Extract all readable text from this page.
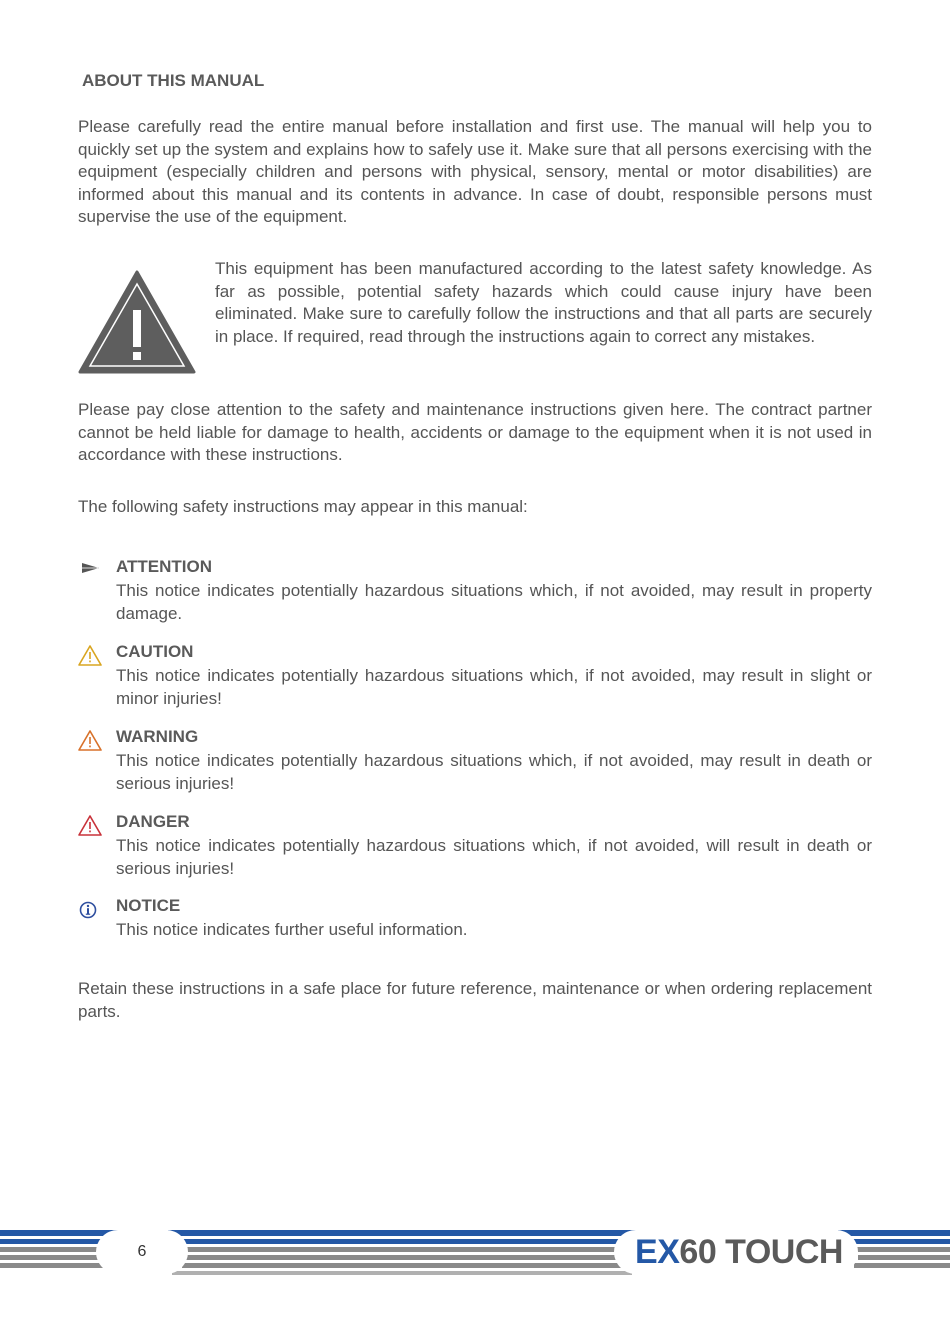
ABOUT THIS MANUAL

Please carefully read the entire manual before installation and first use. The manual will help you to quickly set up the system and explains how to safely use it. Make sure that all persons exercising with the equipment (especially children and persons with physical, sensory, mental or motor disabilities) are informed about this manual and its contents in advance. In case of doubt, responsible persons must supervise the use of the equipment.

This equipment has been manufactured according to the latest safety knowledge. As far as possible, potential safety hazards which could cause injury have been eliminated. Make sure to carefully follow the instructions and that all parts are securely in place. If required, read through the instructions again to correct any mistakes.

Please pay close attention to the safety and maintenance instructions given here. The contract partner cannot be held liable for damage to health, accidents or damage to the equipment when it is not used in accordance with these instructions.

The following safety instructions may appear in this manual:

ATTENTION

This notice indicates potentially hazardous situations which, if not avoided, may result in property damage.

CAUTION

This notice indicates potentially hazardous situations which, if not avoided, may result in slight or minor injuries!

WARNING

This notice indicates potentially hazardous situations which, if not avoided, may result in death or serious injuries!

DANGER

This notice indicates potentially hazardous situations which, if not avoided, will result in death or serious injuries!

NOTICE

This notice indicates further useful information.

Retain these instructions in a safe place for future reference, maintenance or when ordering replacement parts.

6	EX 60 TOUCH
